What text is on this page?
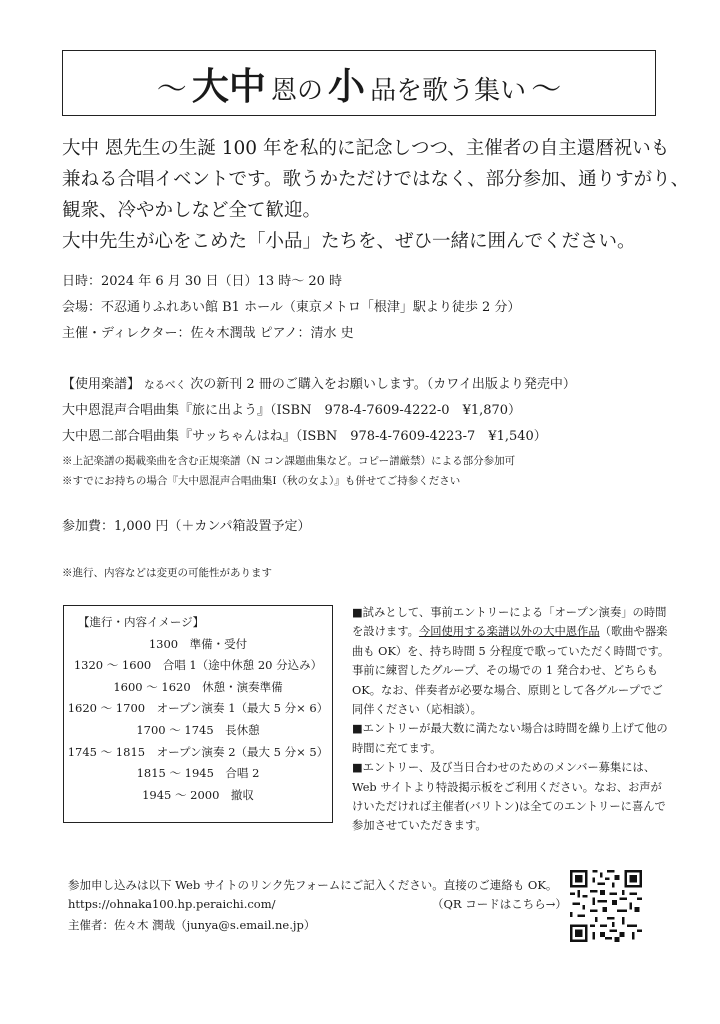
〜 大中 恩の 小 品を歌う集い 〜
大中 恩先生の生誕 100 年を私的に記念しつつ、主催者の自主還暦祝いも
兼ねる合唱イベントです。歌うかただけではなく、部分参加、通りすがり、
観衆、冷やかしなど全て歓迎。
大中先生が心をこめた「小品」たちを、ぜひ一緒に囲んでください。
日時：2024 年 6 月 30 日（日）13 時〜 20 時
会場：不忍通りふれあい館 B1 ホール（東京メトロ「根津」駅より徒歩 2 分）
主催・ディレクター：佐々木潤哉 ピアノ：清水 史
【使用楽譜】 なるべく 次の新刊 2 冊のご購入をお願いします。（カワイ出版より発売中）
大中恩混声合唱曲集『旅に出よう』（ISBN　978-4-7609-4222-0　¥1,870）
大中恩二部合唱曲集『サッちゃんはね』（ISBN　978-4-7609-4223-7　¥1,540）
※上記楽譜の掲載楽曲を含む正規楽譜（N コン課題曲集など。コピー譜厳禁）による部分参加可
※すでにお持ちの場合『大中恩混声合唱曲集Ⅰ（秋の女よ）』も併せてご持参ください
参加費：1,000 円（＋カンパ箱設置予定）
※進行、内容などは変更の可能性があります
【進行・内容イメージ】
1300　準備・受付
1320 〜 1600　合唱 1（途中休憩 20 分込み）
1600 〜 1620　休憩・演奏準備
1620 〜 1700　オープン演奏 1（最大 5 分× 6）
1700 〜 1745　長休憩
1745 〜 1815　オープン演奏 2（最大 5 分× 5）
1815 〜 1945　合唱 2
1945 〜 2000　撤収

■試みとして、事前エントリーによる「オープン演奏」の時間を設けます。今回使用する楽譜以外の大中恩作品（歌曲や器楽曲も OK）を、持ち時間 5 分程度で歌っていただく時間です。事前に練習したグループ、その場での 1 発合わせ、どちらも OK。なお、伴奏者が必要な場合、原則として各グループでご同伴ください（応相談）。

■エントリーが最大数に満たない場合は時間を繰り上げて他の時間に充てます。

■エントリー、及び当日合わせのためのメンバー募集には、Web サイトより特設掲示板をご利用ください。なお、お声がけいただければ主催者(バリトン)は全てのエントリーに喜んで参加させていただきます。

参加申し込みは以下 Web サイトのリンク先フォームにご記入ください。直接のご連絡も OK。
https://ohnaka100.hp.peraichi.com/	（QR コードはこちら→）
主催者：佐々木 潤哉（junya@s.email.ne.jp）
